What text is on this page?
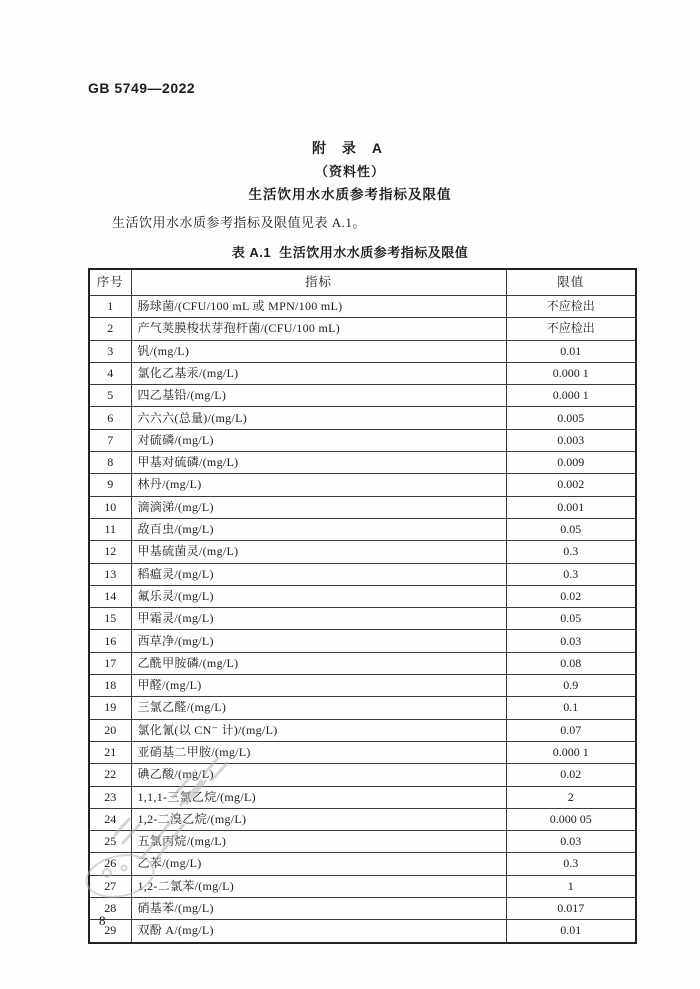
GB 5749—2022
附 录 A
（资料性）
生活饮用水水质参考指标及限值

生活饮用水水质参考指标及限值见表 A.1。

表 A.1  生活饮用水水质参考指标及限值
序号	指标	限值
1	肠球菌/(CFU/100 mL 或 MPN/100 mL)	不应检出
2	产气荚膜梭状芽孢杆菌/(CFU/100 mL)	不应检出
3	钒/(mg/L)	0.01
4	氯化乙基汞/(mg/L)	0.000 1
5	四乙基铅/(mg/L)	0.000 1
6	六六六(总量)/(mg/L)	0.005
7	对硫磷/(mg/L)	0.003
8	甲基对硫磷/(mg/L)	0.009
9	林丹/(mg/L)	0.002
10	滴滴涕/(mg/L)	0.001
11	敌百虫/(mg/L)	0.05
12	甲基硫菌灵/(mg/L)	0.3
13	稻瘟灵/(mg/L)	0.3
14	氟乐灵/(mg/L)	0.02
15	甲霜灵/(mg/L)	0.05
16	西草净/(mg/L)	0.03
17	乙酰甲胺磷/(mg/L)	0.08
18	甲醛/(mg/L)	0.9
19	三氯乙醛/(mg/L)	0.1
20	氯化氰(以 CN⁻ 计)/(mg/L)	0.07
21	亚硝基二甲胺/(mg/L)	0.000 1
22	碘乙酸/(mg/L)	0.02
23	1,1,1-三氯乙烷/(mg/L)	2
24	1,2-二溴乙烷/(mg/L)	0.000 05
25	五氯丙烷/(mg/L)	0.03
26	乙苯/(mg/L)	0.3
27	1,2-二氯苯/(mg/L)	1
28	硝基苯/(mg/L)	0.017
29	双酚 A/(mg/L)	0.01
8
